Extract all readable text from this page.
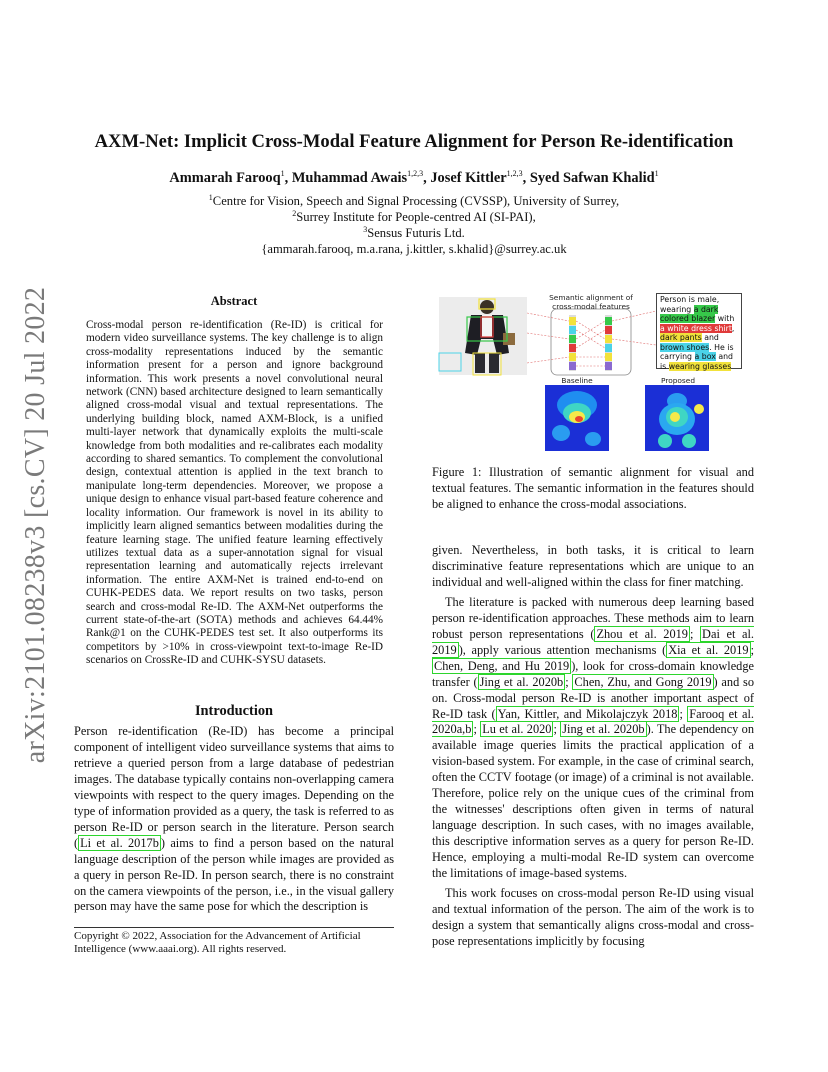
arXiv:2101.08238v3 [cs.CV] 20 Jul 2022
AXM-Net: Implicit Cross-Modal Feature Alignment for Person Re-identification
Ammarah Farooq$^1$, Muhammad Awais$^{1,2,3}$, Josef Kittler$^{1,2,3}$, Syed Safwan Khalid$^1$
$^1$Centre for Vision, Speech and Signal Processing (CVSSP), University of Surrey,
$^2$Surrey Institute for People-centred AI (SI-PAI),
$^3$Sensus Futuris Ltd.
{ammarah.farooq, m.a.rana, j.kittler, s.khalid}@surrey.ac.uk
Abstract
Cross-modal person re-identification (Re-ID) is critical for modern video surveillance systems. The key challenge is to align cross-modality representations induced by the semantic information present for a person and ignore background information. This work presents a novel convolutional neural network (CNN) based architecture designed to learn semantically aligned cross-modal visual and textual representations. The underlying building block, named AXM-Block, is a unified multi-layer network that dynamically exploits the multi-scale knowledge from both modalities and re-calibrates each modality according to shared semantics. To complement the convolutional design, contextual attention is applied in the text branch to manipulate long-term dependencies. Moreover, we propose a unique design to enhance visual part-based feature coherence and locality information. Our framework is novel in its ability to implicitly learn aligned semantics between modalities during the feature learning stage. The unified feature learning effectively utilizes textual data as a super-annotation signal for visual representation learning and automatically rejects irrelevant information. The entire AXM-Net is trained end-to-end on CUHK-PEDES data. We report results on two tasks, person search and cross-modal Re-ID. The AXM-Net outperforms the current state-of-the-art (SOTA) methods and achieves 64.44% Rank@1 on the CUHK-PEDES test set. It also outperforms its competitors by >10% in cross-viewpoint text-to-image Re-ID scenarios on CrossRe-ID and CUHK-SYSU datasets.
Introduction
Person re-identification (Re-ID) has become a principal component of intelligent video surveillance systems that aims to retrieve a queried person from a large database of pedestrian images. The database typically contains non-overlapping camera viewpoints with respect to the query images. Depending on the type of information provided as a query, the task is referred to as person Re-ID or person search in the literature. Person search ( Li et al. 2017b ) aims to find a person based on the natural language description of the person while images are provided as a query in person Re-ID. In person search, there is no constraint on the camera viewpoints of the person, i.e., in the visual gallery person may have the same pose for which the description is
Copyright © 2022, Association for the Advancement of Artificial Intelligence (www.aaai.org). All rights reserved.
Semantic alignment of cross-modal features
Person is male, wearing a dark colored blazer with a white dress shirt, dark pants and brown shoes. He is carrying a box and is wearing glasses
Baseline	Proposed
Figure 1: Illustration of semantic alignment for visual and textual features. The semantic information in the features should be aligned to enhance the cross-modal associations.

given. Nevertheless, in both tasks, it is critical to learn discriminative feature representations which are unique to an individual and well-aligned within the class for finer matching.

The literature is packed with numerous deep learning based person re-identification approaches. These methods aim to learn robust person representations ( Zhou et al. 2019 ; Dai et al. 2019 ), apply various attention mechanisms ( Xia et al. 2019 ; Chen, Deng, and Hu 2019 ), look for cross-domain knowledge transfer ( Jing et al. 2020b ; Chen, Zhu, and Gong 2019 ) and so on. Cross-modal person Re-ID is another important aspect of Re-ID task ( Yan, Kittler, and Mikolajczyk 2018 ; Farooq et al. 2020a,b ; Lu et al. 2020 ; Jing et al. 2020b ). The dependency on available image queries limits the practical application of a vision-based system. For example, in the case of criminal search, often the CCTV footage (or image) of a criminal is not available. Therefore, police rely on the unique cues of the criminal from the witnesses' descriptions often given in terms of natural language description. In such cases, with no images available, this descriptive information serves as a query for person Re-ID. Hence, employing a multi-modal Re-ID system can overcome the limitations of image-based systems.

This work focuses on cross-modal person Re-ID using visual and textual information of the person. The aim of the work is to design a system that semantically aligns cross-modal and cross-pose representations implicitly by focusing
